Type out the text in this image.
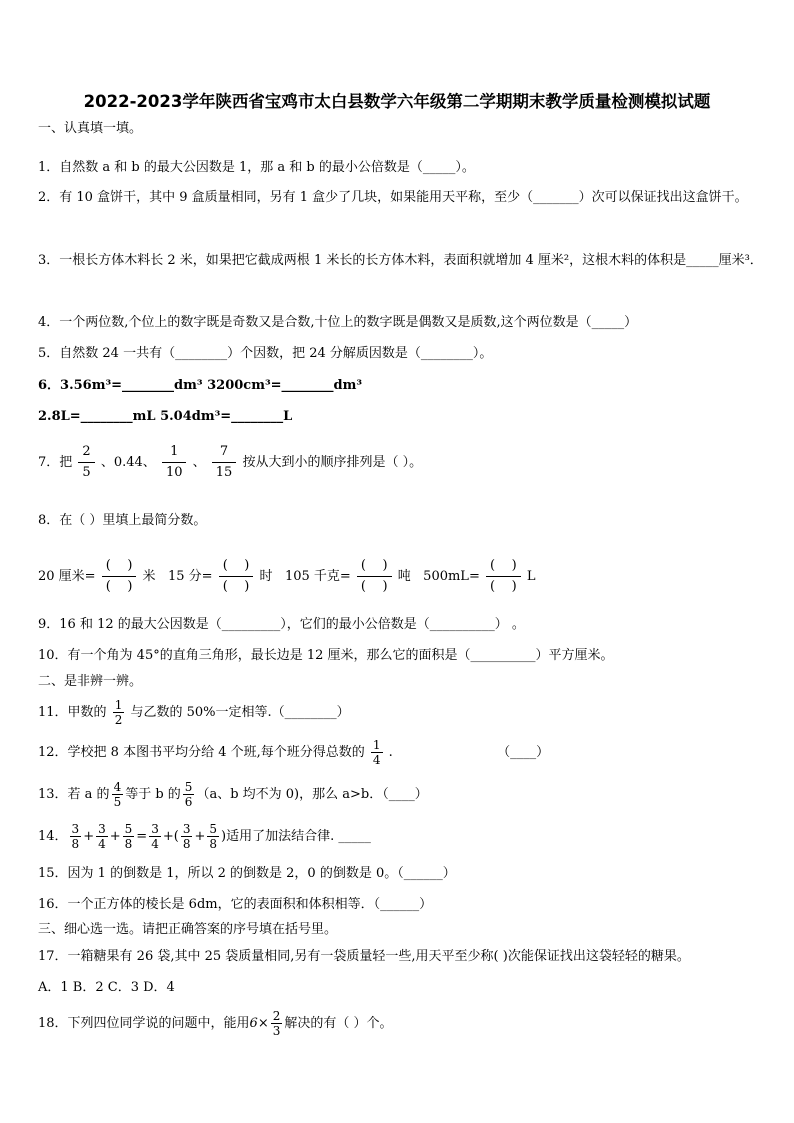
2022-2023学年陕西省宝鸡市太白县数学六年级第二学期期末教学质量检测模拟试题
一、认真填一填。
1．自然数 a 和 b 的最大公因数是 1，那 a 和 b 的最小公倍数是（_____）。
2．有 10 盒饼干，其中 9 盒质量相同，另有 1 盒少了几块，如果能用天平称，至少（_______）次可以保证找出这盒饼干。
3．一根长方体木料长 2 米，如果把它截成两根 1 米长的长方体木料，表面积就增加 4 厘米²，这根木料的体积是_____厘米³．
4．一个两位数,个位上的数字既是奇数又是合数,十位上的数字既是偶数又是质数,这个两位数是（_____）
5．自然数 24 一共有（________）个因数，把 24 分解质因数是（________）。
6．3.56m³=________dm³ 3200cm³=________dm³
2.8L=________mL 5.04dm³=________L
7．把 $\frac{2}{5}$ 、0.44、 $\frac{1}{10}$ 、 $\frac{7}{15}$ 按从大到小的顺序排列是（ ）。
8．在（ ）里填上最简分数。
20 厘米= $\frac{( )}{( )}$ 米 15 分= $\frac{( )}{( )}$ 时 105 千克= $\frac{( )}{( )}$ 吨 $500mL= \frac{( )}{( )}$ L
9．16 和 12 的最大公因数是（_________），它们的最小公倍数是（__________） 。
10．有一个角为 45°的直角三角形，最长边是 12 厘米，那么它的面积是（__________）平方厘米。
二、是非辨一辨。
11．甲数的 $\frac{1}{2}$ 与乙数的 50%一定相等.（________）
12．学校把 8 本图书平均分给 4 个班,每个班分得总数的 $\frac{1}{4}$ .	（____）
13．若 a 的 $\frac{4}{5}$ 等于 b 的 $\frac{5}{6} (a$、b 均不为 0)，那么 a>b．（____）
14． $\frac{3}{8} + \frac{3}{4} + \frac{5}{8} = \frac{3}{4}$ +( $\frac{3}{8} + \frac{5}{8}$ )适用了加法结合律. _____
15．因为 1 的倒数是 1，所以 2 的倒数是 2，0 的倒数是 0。（______）
16．一个正方体的棱长是 6dm，它的表面积和体积相等．（______）
三、细心选一选。请把正确答案的序号填在括号里。
17．一箱糖果有 26 袋,其中 25 袋质量相同,另有一袋质量轻一些,用天平至少称( )次能保证找出这袋轻轻的糖果。
A．1 B．2 C．3 D．4
18．下列四位同学说的问题中，能用$6\times \frac{2}{3}$ 解决的有（ ）个。
